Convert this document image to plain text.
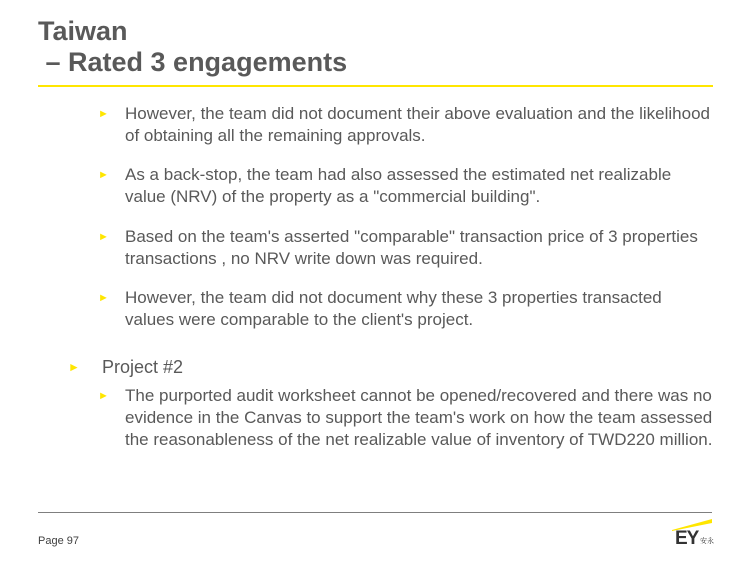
Taiwan
– Rated 3 engagements
► However, the team did not document their above evaluation and the likelihood of obtaining all the remaining approvals.
► As a back-stop, the team had also assessed the estimated net realizable value (NRV) of the property as a "commercial building".
► Based on the team's asserted "comparable" transaction price of 3 properties transactions , no NRV write down was required.
► However, the team did not document why these 3 properties transacted values were comparable to the client's project.
► Project #2
► The purported audit worksheet cannot be opened/recovered and there was no evidence in the Canvas to support the team's work on how the team assessed the reasonableness of the net realizable value of inventory of TWD220 million.
Page 97	EY 安永
